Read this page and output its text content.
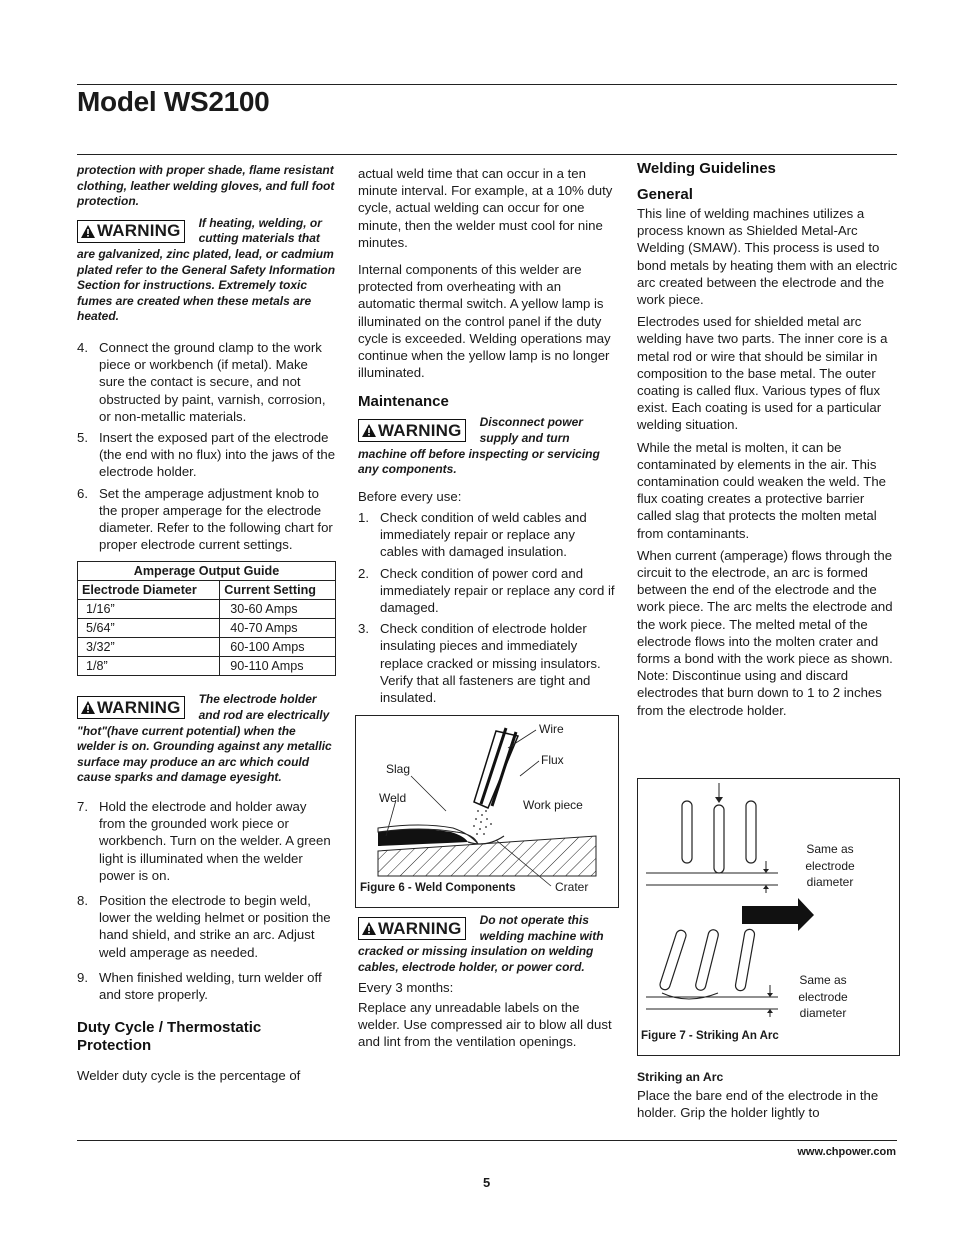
Model WS2100

protection with proper shade, flame resistant clothing, leather welding gloves, and full foot protection.

WARNING If heating, welding, or cutting materials that are galvanized, zinc plated, lead, or cadmium plated refer to the General Safety Information Section for instructions. Extremely toxic fumes are created when these metals are heated.
4. Connect the ground clamp to the work piece or workbench (if metal). Make sure the contact is secure, and not obstructed by paint, varnish, corrosion, or non-metallic materials.
5. Insert the exposed part of the electrode (the end with no flux) into the jaws of the electrode holder.
6. Set the amperage adjustment knob to the proper amperage for the electrode diameter. Refer to the following chart for proper electrode current settings.
Amperage Output Guide	
Electrode Diameter	Current Setting
1/16”	30-60 Amps
5/64”	40-70 Amps
3/32”	60-100 Amps
1/8”	90-110 Amps
WARNING The electrode holder and rod are electrically "hot"(have current potential) when the welder is on. Grounding against any metallic surface may produce an arc which could cause sparks and damage eyesight.
7. Hold the electrode and holder away from the grounded work piece or workbench. Turn on the welder. A green light is illuminated when the welder power is on.
8. Position the electrode to begin weld, lower the welding helmet or position the hand shield, and strike an arc. Adjust weld amperage as needed.
9. When finished welding, turn welder off and store properly.
Duty Cycle / Thermostatic Protection

Welder duty cycle is the percentage of

actual weld time that can occur in a ten minute interval. For example, at a 10% duty cycle, actual welding can occur for one minute, then the welder must cool for nine minutes.

Internal components of this welder are protected from overheating with an automatic thermal switch. A yellow lamp is illuminated on the control panel if the duty cycle is exceeded. Welding operations may continue when the yellow lamp is no longer illuminated.

Maintenance
WARNING Disconnect power supply and turn machine off before inspecting or servicing any components.

Before every use:

1. Check condition of weld cables and immediately repair or replace any cables with damaged insulation.
2. Check condition of power cord and immediately repair or replace any cord if damaged.
3. Check condition of electrode holder insulating pieces and immediately replace cracked or missing insulators. Verify that all fasteners are tight and insulated.
Wire
Flux
Slag
Weld	Work piece
Crater
Figure 6 - Weld Components
WARNING Do not operate this welding machine with cracked or missing insulation on welding cables, electrode holder, or power cord.

Every 3 months:

Replace any unreadable labels on the welder. Use compressed air to blow all dust and lint from the ventilation openings.

Welding Guidelines
General

This line of welding machines utilizes a process known as Shielded Metal-Arc Welding (SMAW). This process is used to bond metals by heating them with an electric arc created between the electrode and the work piece.

Electrodes used for shielded metal arc welding have two parts. The inner core is a metal rod or wire that should be similar in composition to the base metal. The outer coating is called flux. Various types of flux exist. Each coating is used for a particular welding situation.

While the metal is molten, it can be contaminated by elements in the air. This contamination could weaken the weld. The flux coating creates a protective barrier called slag that protects the molten metal from contaminants.

When current (amperage) flows through the circuit to the electrode, an arc is formed between the end of the electrode and the work piece. The arc melts the electrode and the work piece. The melted metal of the electrode flows into the molten crater and forms a bond with the work piece as shown. Note: Discontinue using and discard electrodes that burn down to 1 to 2 inches from the electrode holder.

Same as electrode diameter
Same as electrode diameter
Figure 7 - Striking An Arc

Striking an Arc

Place the bare end of the electrode in the holder. Grip the holder lightly to

www.chpower.com
5
